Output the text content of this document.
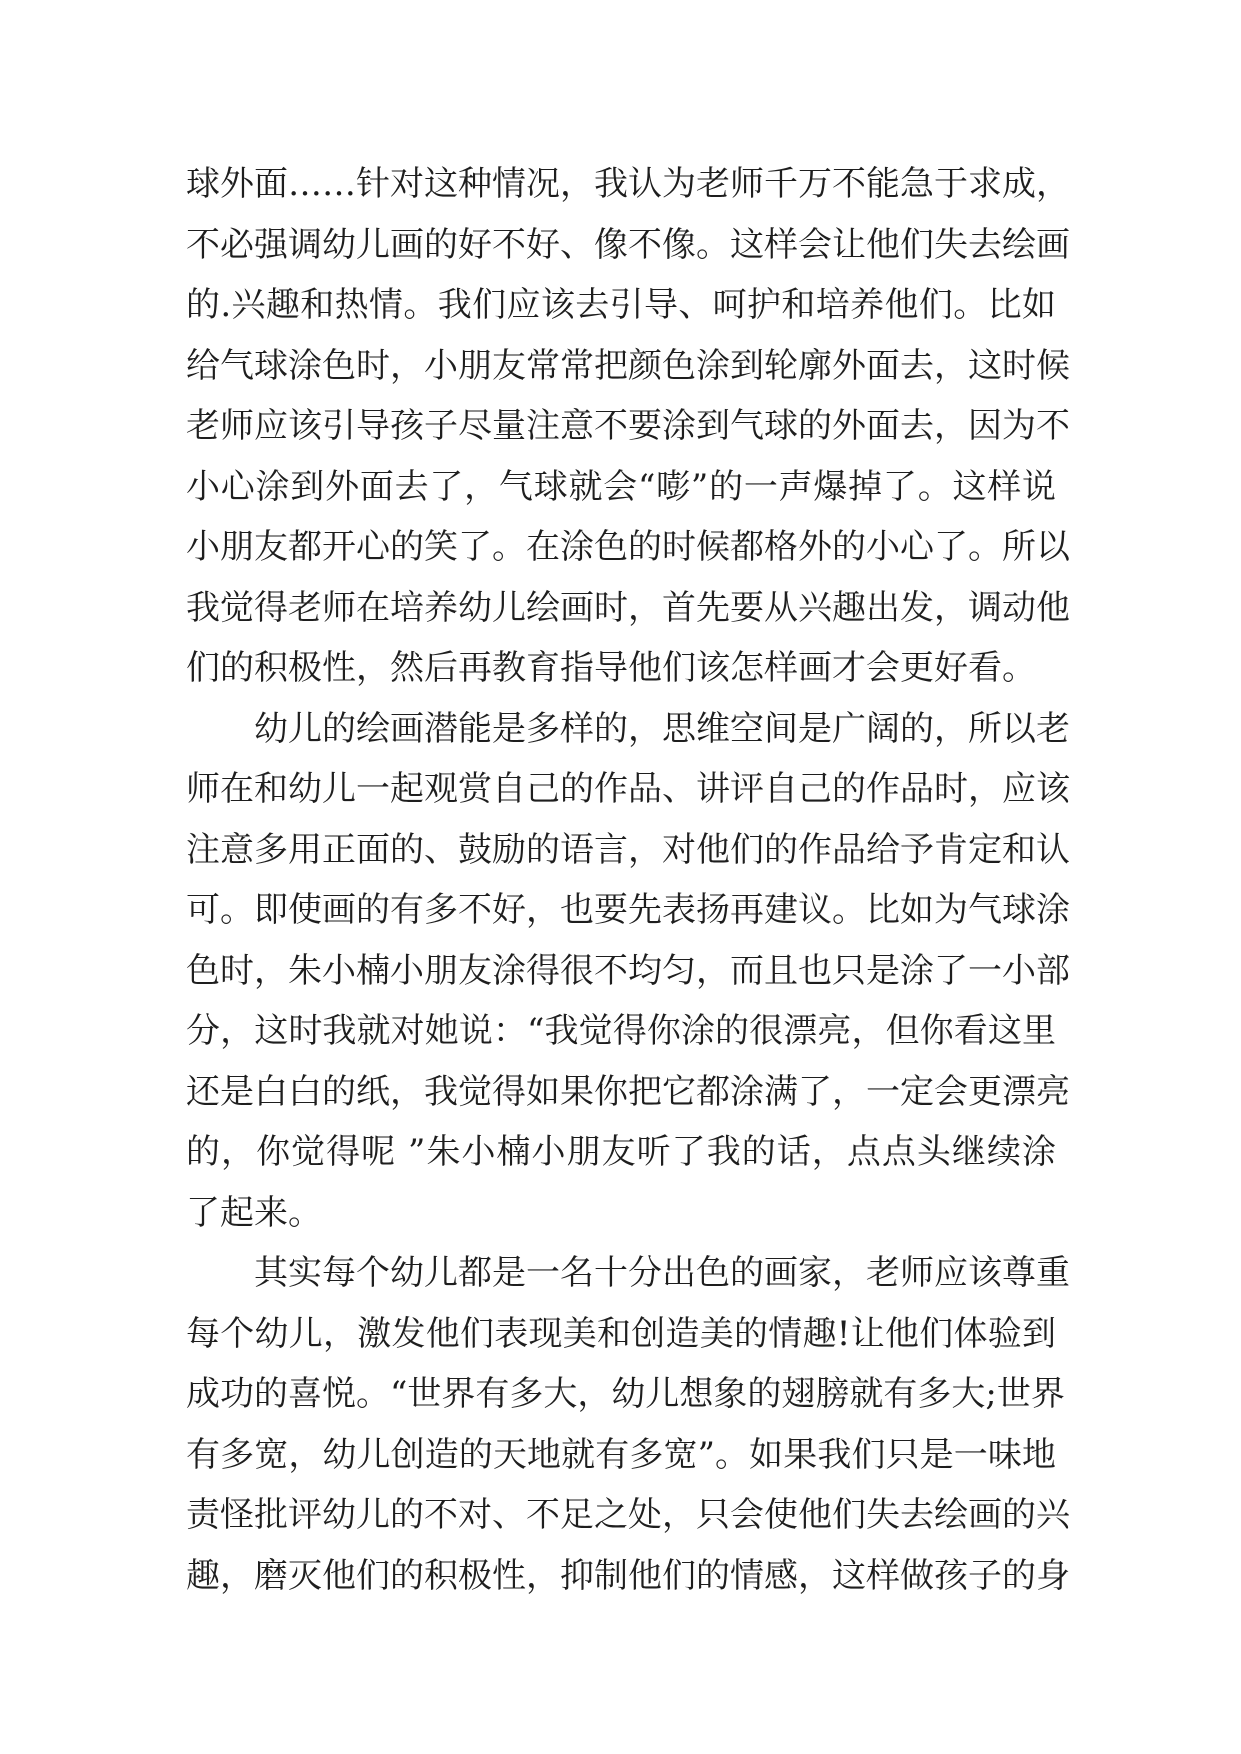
球外面……针对这种情况，我认为老师千万不能急于求成，
不必强调幼儿画的好不好、像不像。这样会让他们失去绘画
的.兴趣和热情。我们应该去引导、呵护和培养他们。比如
给气球涂色时，小朋友常常把颜色涂到轮廓外面去，这时候
老师应该引导孩子尽量注意不要涂到气球的外面去，因为不
小心涂到外面去了，气球就会“嘭”的一声爆掉了。这样说
小朋友都开心的笑了。在涂色的时候都格外的小心了。所以
我觉得老师在培养幼儿绘画时，首先要从兴趣出发，调动他
们的积极性，然后再教育指导他们该怎样画才会更好看。
幼儿的绘画潜能是多样的，思维空间是广阔的，所以老
师在和幼儿一起观赏自己的作品、讲评自己的作品时，应该
注意多用正面的、鼓励的语言，对他们的作品给予肯定和认
可。即使画的有多不好，也要先表扬再建议。比如为气球涂
色时，朱小楠小朋友涂得很不均匀，而且也只是涂了一小部
分，这时我就对她说：“我觉得你涂的很漂亮，但你看这里
还是白白的纸，我觉得如果你把它都涂满了，一定会更漂亮
的，你觉得呢 ”朱小楠小朋友听了我的话，点点头继续涂
了起来。
其实每个幼儿都是一名十分出色的画家，老师应该尊重
每个幼儿，激发他们表现美和创造美的情趣!让他们体验到
成功的喜悦。“世界有多大，幼儿想象的翅膀就有多大;世界
有多宽，幼儿创造的天地就有多宽”。如果我们只是一味地
责怪批评幼儿的不对、不足之处，只会使他们失去绘画的兴
趣，磨灭他们的积极性，抑制他们的情感，这样做孩子的身
